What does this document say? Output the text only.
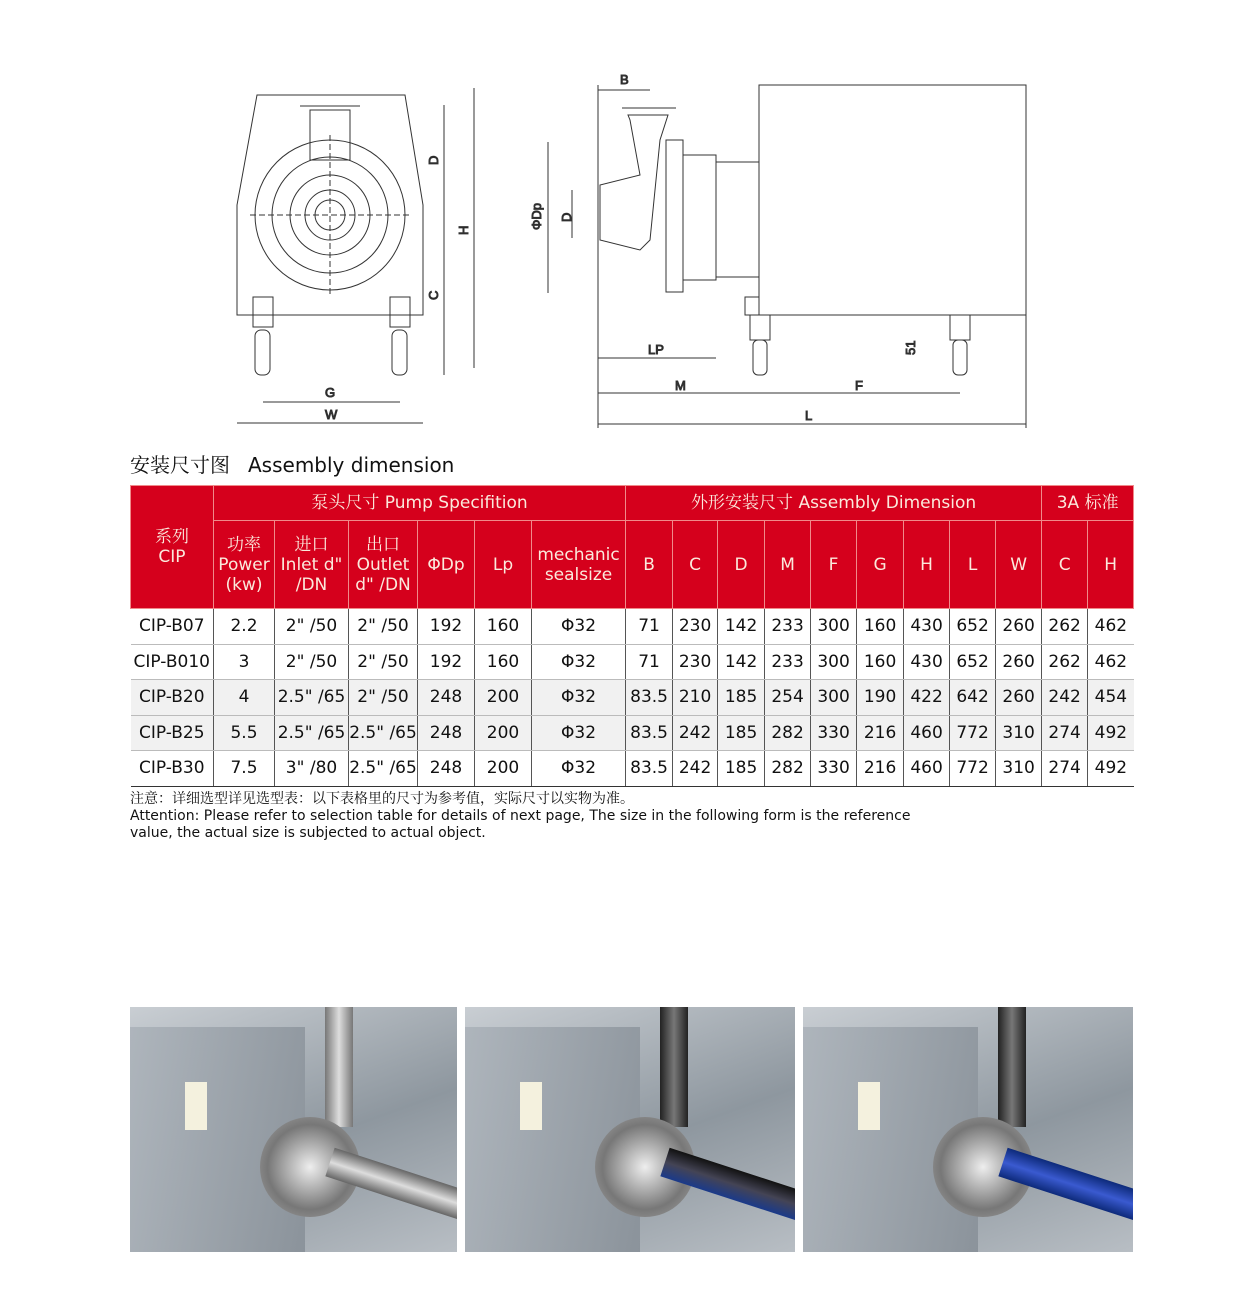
G
W
D
H
C
B
ΦDp D
LP
M	F
L
51
安装尺寸图 Assembly dimension
系列 CIP	泵头尺寸 Pump Specifition						外形安装尺寸 Assembly Dimension									3A 标准	
	功率 Power (kw)	进口 Inlet d" /DN	出口 Outlet d" /DN	ΦDp	Lp	mechanic sealsize	B	C	D	M	F	G	H	L	W	C	H
CIP-B07	2.2	2" /50	2" /50	192	160	Φ32	71	230	142	233	300	160	430	652	260	262	462
CIP-B010	3	2" /50	2" /50	192	160	Φ32	71	230	142	233	300	160	430	652	260	262	462
CIP-B20	4	2.5" /65	2" /50	248	200	Φ32	83.5	210	185	254	300	190	422	642	260	242	454
CIP-B25	5.5	2.5" /65	2.5" /65	248	200	Φ32	83.5	242	185	282	330	216	460	772	310	274	492
CIP-B30	7.5	3" /80	2.5" /65	248	200	Φ32	83.5	242	185	282	330	216	460	772	310	274	492
注意：详细选型详见选型表：以下表格里的尺寸为参考值，实际尺寸以实物为准。
Attention: Please refer to selection table for details of next page, The size in the following form is the reference value, the actual size is subjected to actual object.
